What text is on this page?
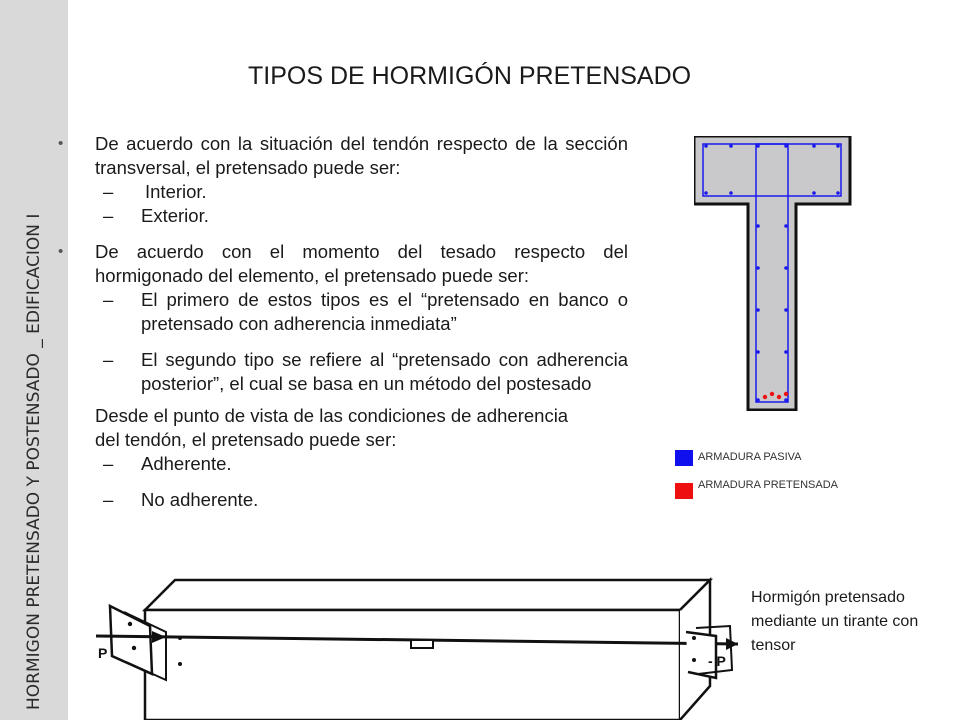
HORMIGON PRETENSADO Y POSTENSADO _ EDIFICACION I
TIPOS DE HORMIGÓN PRETENSADO

• De acuerdo con la situación del tendón respecto de la sección transversal, el pretensado puede ser:

– Interior.

– Exterior.

• De acuerdo con el momento del tesado respecto del hormigonado del elemento, el pretensado puede ser:

– El primero de estos tipos es el “pretensado en banco o pretensado con adherencia inmediata”

– El segundo tipo se refiere al “pretensado con adherencia posterior”, el cual se basa en un método del postesado

Desde el punto de vista de las condiciones de adherencia del tendón, el pretensado puede ser:

– Adherente.

– No adherente.

ARMADURA PASIVA
ARMADURA PRETENSADA
P	- P
Hormigón pretensado mediante un tirante con tensor
